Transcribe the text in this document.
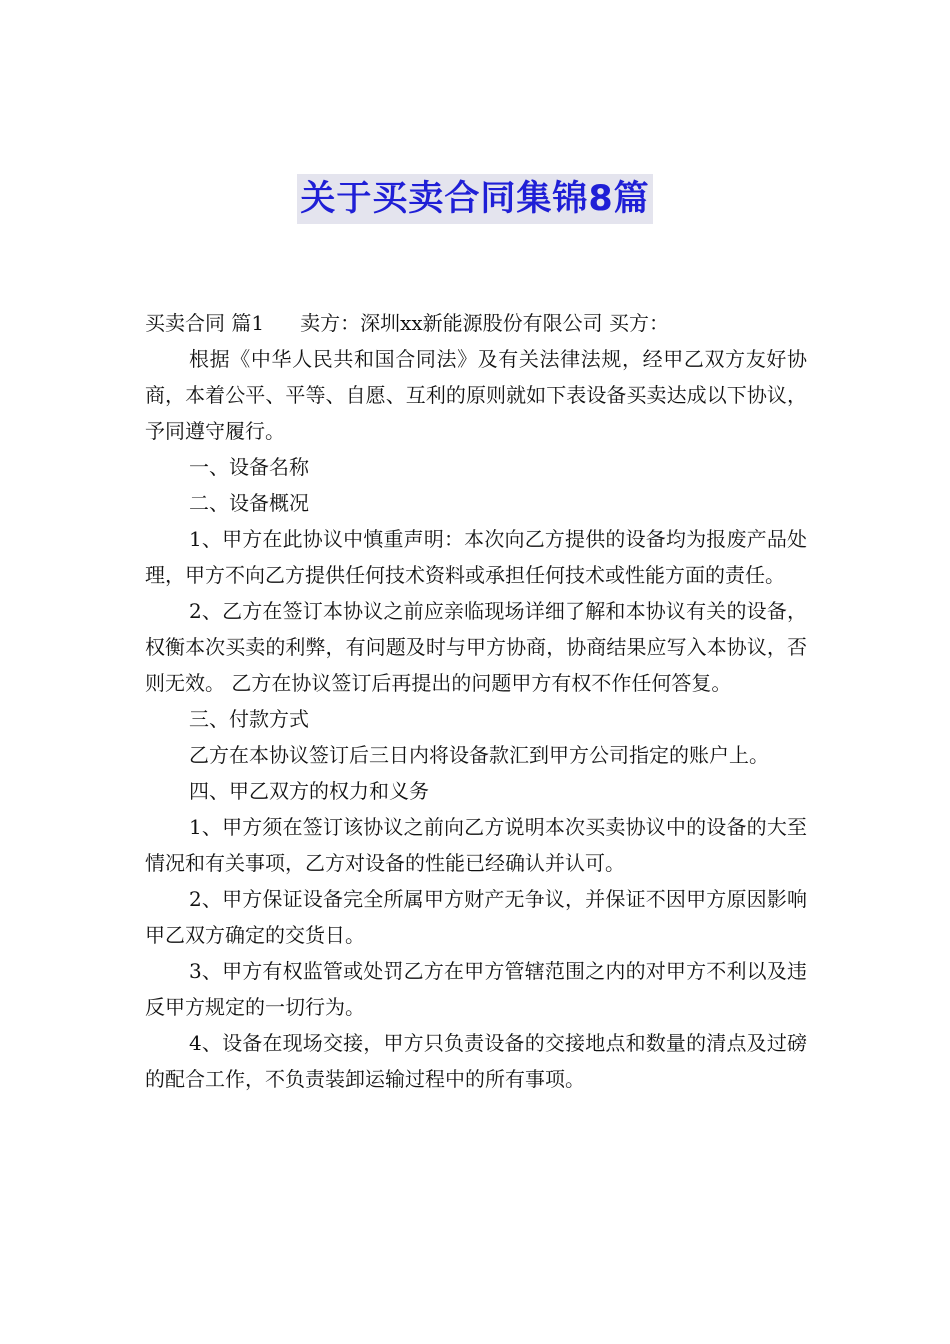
关于买卖合同集锦8篇

买卖合同 篇1 卖方：深圳xx新能源股份有限公司 买方：

根据《中华人民共和国合同法》及有关法律法规，经甲乙双方友好协商，本着公平、平等、自愿、互利的原则就如下表设备买卖达成以下协议，予同遵守履行。

一、设备名称

二、设备概况

1、甲方在此协议中慎重声明：本次向乙方提供的设备均为报废产品处理，甲方不向乙方提供任何技术资料或承担任何技术或性能方面的责任。

2、乙方在签订本协议之前应亲临现场详细了解和本协议有关的设备，权衡本次买卖的利弊，有问题及时与甲方协商，协商结果应写入本协议，否则无效。 乙方在协议签订后再提出的问题甲方有权不作任何答复。

三、付款方式

乙方在本协议签订后三日内将设备款汇到甲方公司指定的账户上。

四、甲乙双方的权力和义务

1、甲方须在签订该协议之前向乙方说明本次买卖协议中的设备的大至情况和有关事项，乙方对设备的性能已经确认并认可。

2、甲方保证设备完全所属甲方财产无争议，并保证不因甲方原因影响甲乙双方确定的交货日。

3、甲方有权监管或处罚乙方在甲方管辖范围之内的对甲方不利以及违反甲方规定的一切行为。

4、设备在现场交接，甲方只负责设备的交接地点和数量的清点及过磅的配合工作，不负责装卸运输过程中的所有事项。
